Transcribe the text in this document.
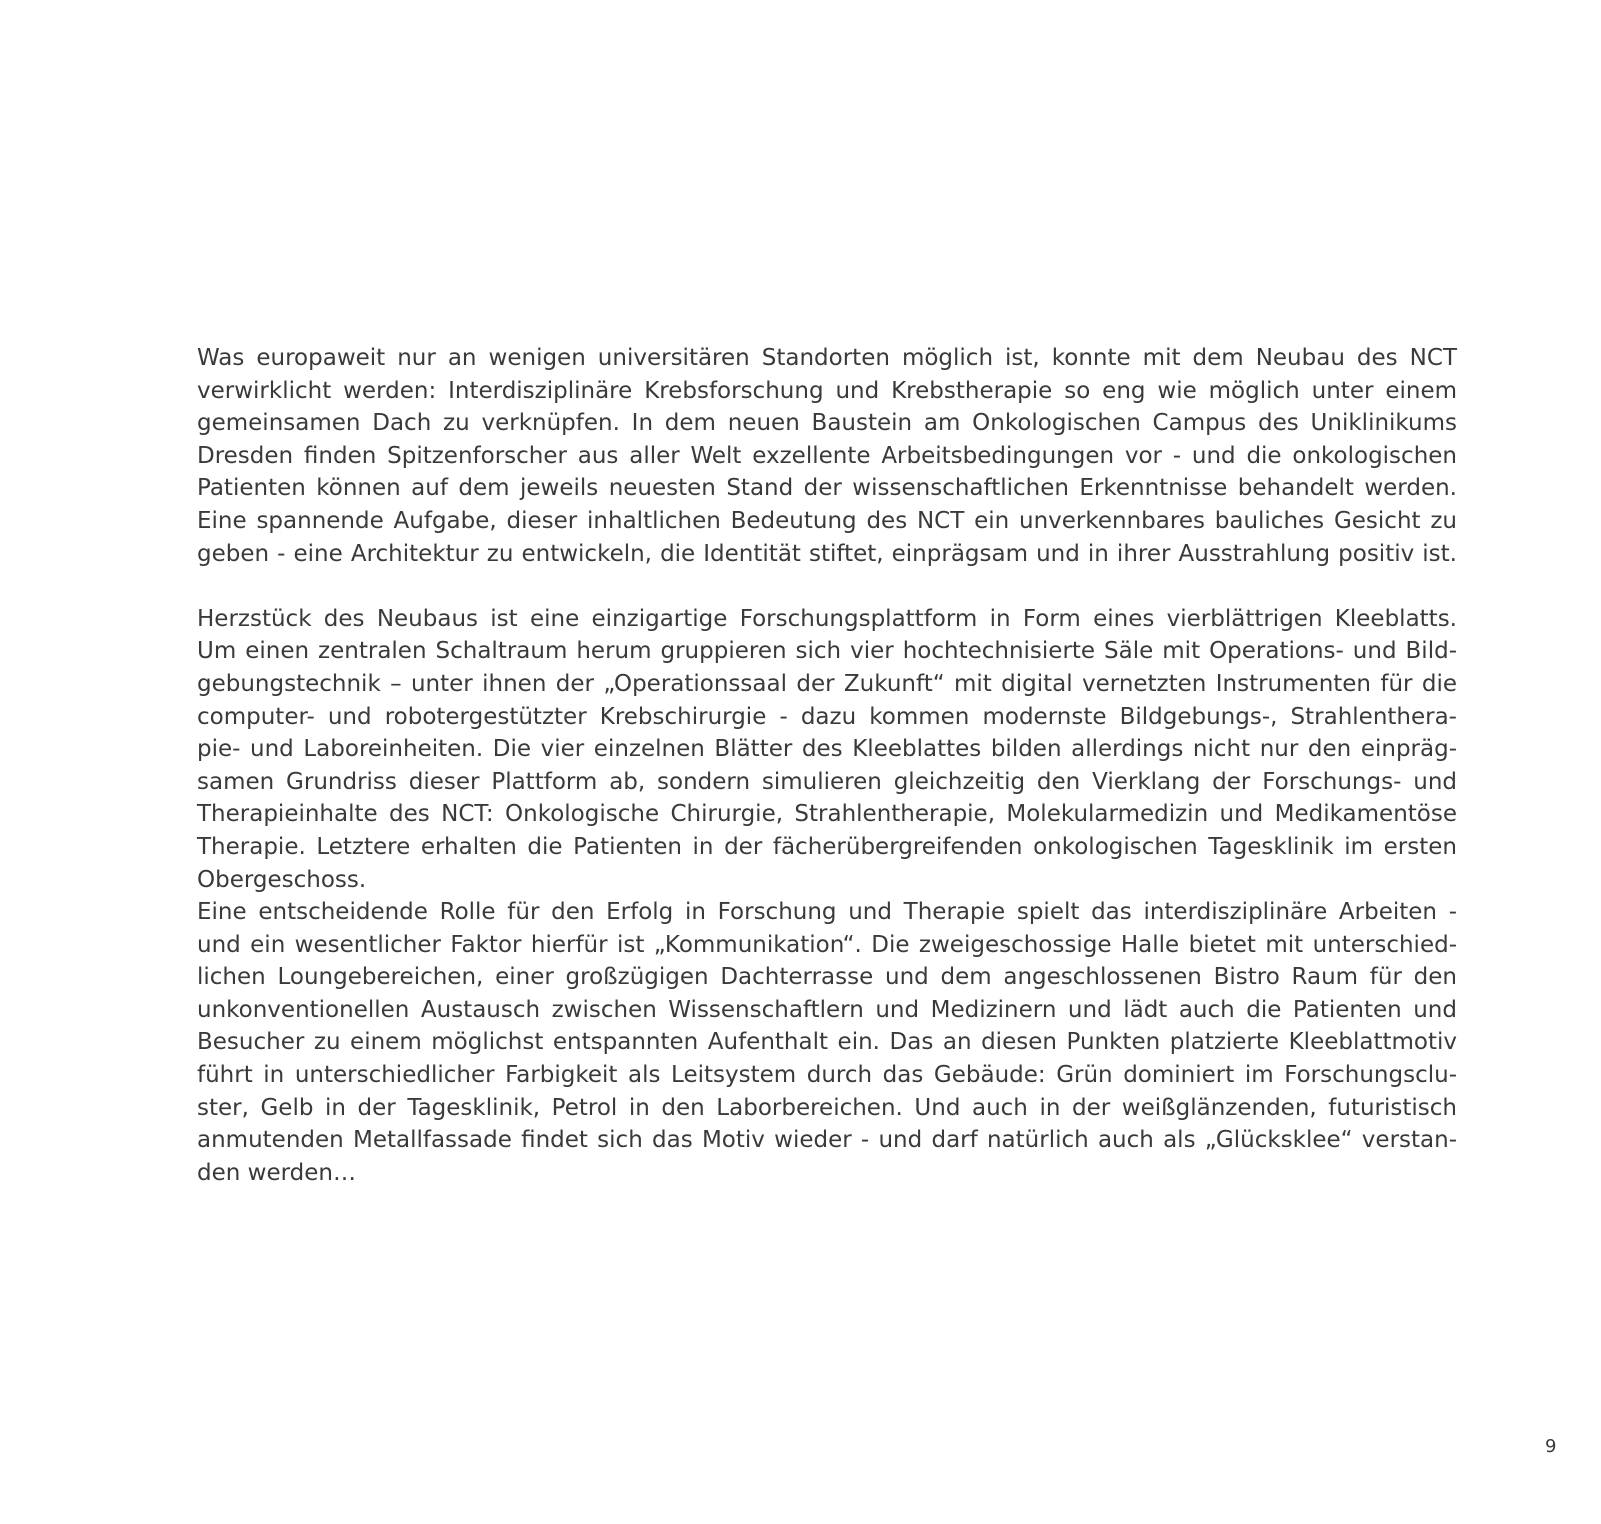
Was europaweit nur an wenigen universitären Standorten möglich ist, konnte mit dem Neubau des NCT
verwirklicht werden: Interdisziplinäre Krebsforschung und Krebstherapie so eng wie möglich unter einem
gemeinsamen Dach zu verknüpfen. In dem neuen Baustein am Onkologischen Campus des Uniklinikums
Dresden finden Spitzenforscher aus aller Welt exzellente Arbeitsbedingungen vor - und die onkologischen
Patienten können auf dem jeweils neuesten Stand der wissenschaftlichen Erkenntnisse behandelt werden.
Eine spannende Aufgabe, dieser inhaltlichen Bedeutung des NCT ein unverkennbares bauliches Gesicht zu
geben - eine Architektur zu entwickeln, die Identität stiftet, einprägsam und in ihrer Ausstrahlung positiv ist.
Herzstück des Neubaus ist eine einzigartige Forschungsplattform in Form eines vierblättrigen Kleeblatts.
Um einen zentralen Schaltraum herum gruppieren sich vier hochtechnisierte Säle mit Operations- und Bild-
gebungstechnik – unter ihnen der „Operationssaal der Zukunft“ mit digital vernetzten Instrumenten für die
computer- und robotergestützter Krebschirurgie - dazu kommen modernste Bildgebungs-, Strahlenthera-
pie- und Laboreinheiten. Die vier einzelnen Blätter des Kleeblattes bilden allerdings nicht nur den einpräg-
samen Grundriss dieser Plattform ab, sondern simulieren gleichzeitig den Vierklang der Forschungs- und
Therapieinhalte des NCT: Onkologische Chirurgie, Strahlentherapie, Molekularmedizin und Medikamentöse
Therapie. Letztere erhalten die Patienten in der fächerübergreifenden onkologischen Tagesklinik im ersten
Obergeschoss.
Eine entscheidende Rolle für den Erfolg in Forschung und Therapie spielt das interdisziplinäre Arbeiten -
und ein wesentlicher Faktor hierfür ist „Kommunikation“. Die zweigeschossige Halle bietet mit unterschied-
lichen Loungebereichen, einer großzügigen Dachterrasse und dem angeschlossenen Bistro Raum für den
unkonventionellen Austausch zwischen Wissenschaftlern und Medizinern und lädt auch die Patienten und
Besucher zu einem möglichst entspannten Aufenthalt ein. Das an diesen Punkten platzierte Kleeblattmotiv
führt in unterschiedlicher Farbigkeit als Leitsystem durch das Gebäude: Grün dominiert im Forschungsclu-
ster, Gelb in der Tagesklinik, Petrol in den Laborbereichen. Und auch in der weißglänzenden, futuristisch
anmutenden Metallfassade findet sich das Motiv wieder - und darf natürlich auch als „Glücksklee“ verstan-
den werden…
9
